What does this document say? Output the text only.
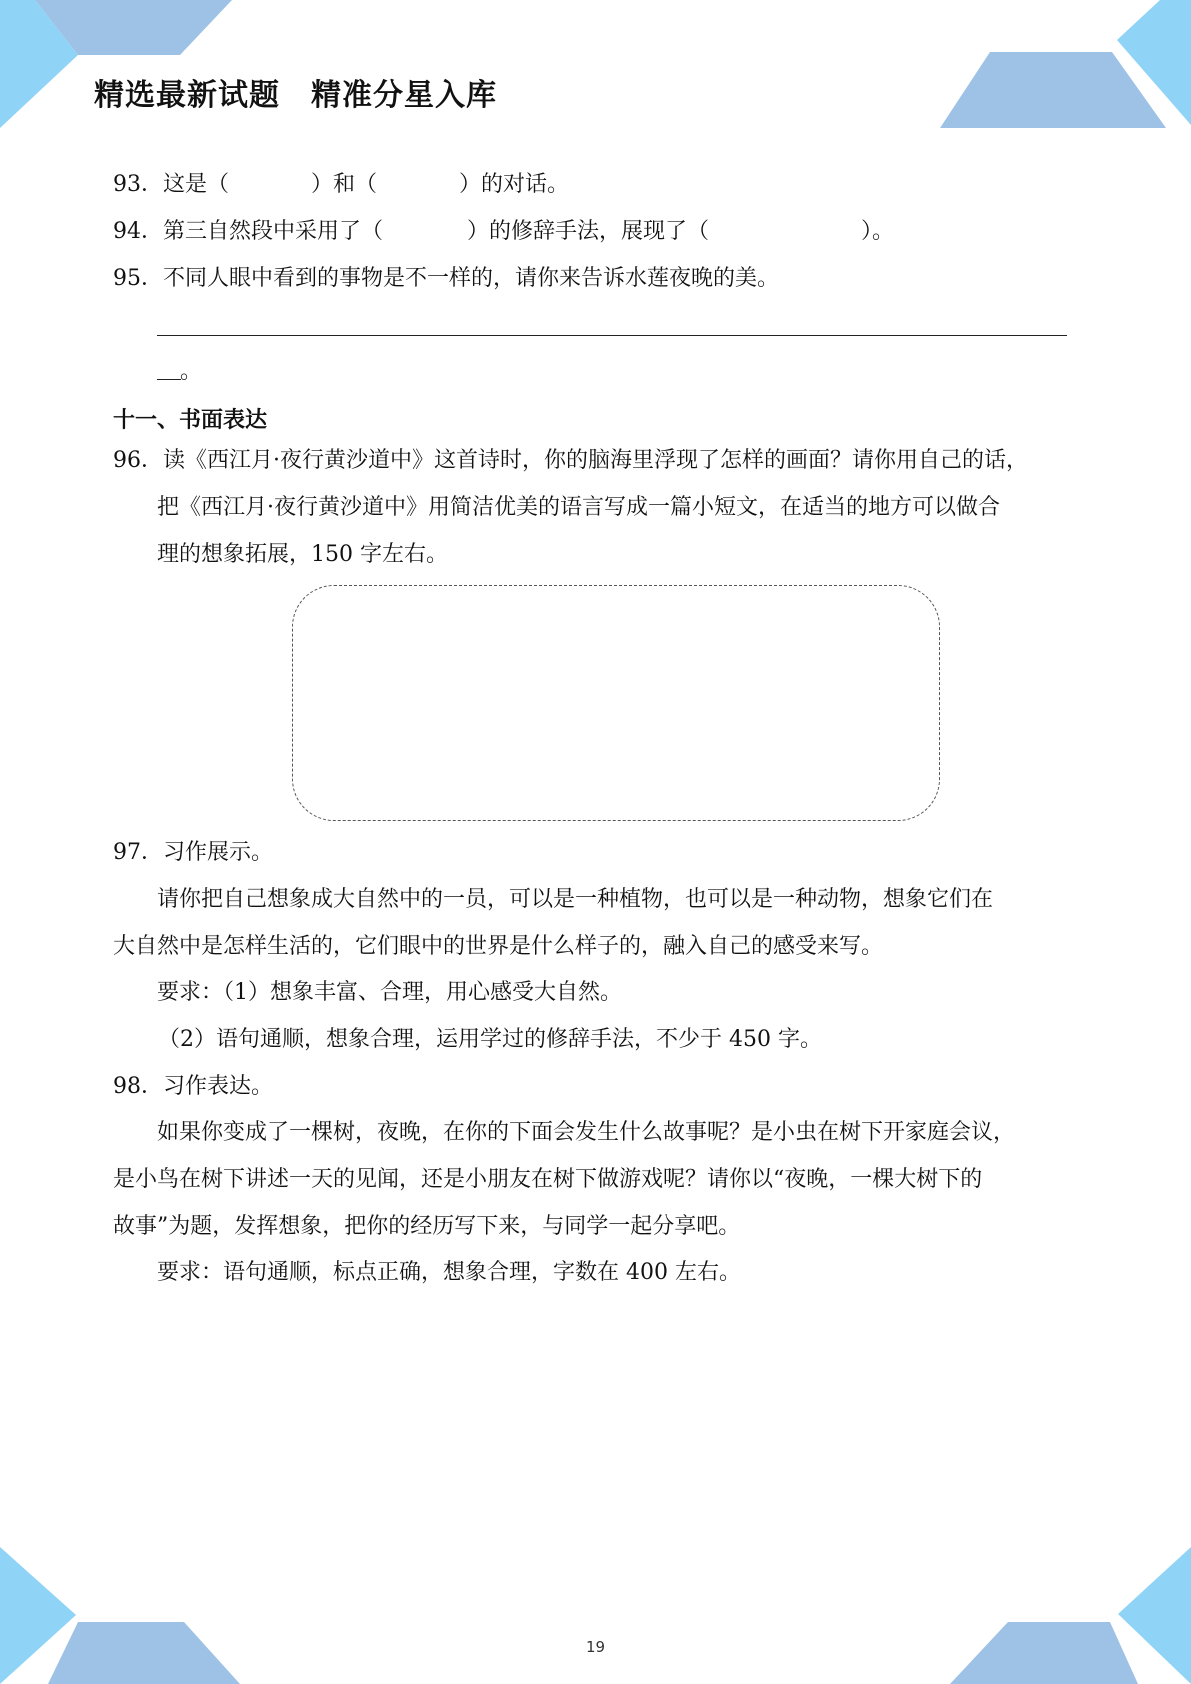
精选最新试题　精准分星入库
93．这是（	）和（	）的对话。
94．第三自然段中采用了（	）的修辞手法，展现了（	）。
95．不同人眼中看到的事物是不一样的，请你来告诉水莲夜晚的美。
。
十一、书面表达
96．读《西江月·夜行黄沙道中》这首诗时，你的脑海里浮现了怎样的画面？请你用自己的话，
把《西江月·夜行黄沙道中》用简洁优美的语言写成一篇小短文，在适当的地方可以做合
理的想象拓展，150 字左右。
97．习作展示。
请你把自己想象成大自然中的一员，可以是一种植物，也可以是一种动物，想象它们在
大自然中是怎样生活的，它们眼中的世界是什么样子的，融入自己的感受来写。
要求：（1）想象丰富、合理，用心感受大自然。
（2）语句通顺，想象合理，运用学过的修辞手法，不少于 450 字。
98．习作表达。
如果你变成了一棵树，夜晚，在你的下面会发生什么故事呢？是小虫在树下开家庭会议，
是小鸟在树下讲述一天的见闻，还是小朋友在树下做游戏呢？请你以“夜晚，一棵大树下的
故事”为题，发挥想象，把你的经历写下来，与同学一起分享吧。
要求：语句通顺，标点正确，想象合理，字数在 400 左右。
19
